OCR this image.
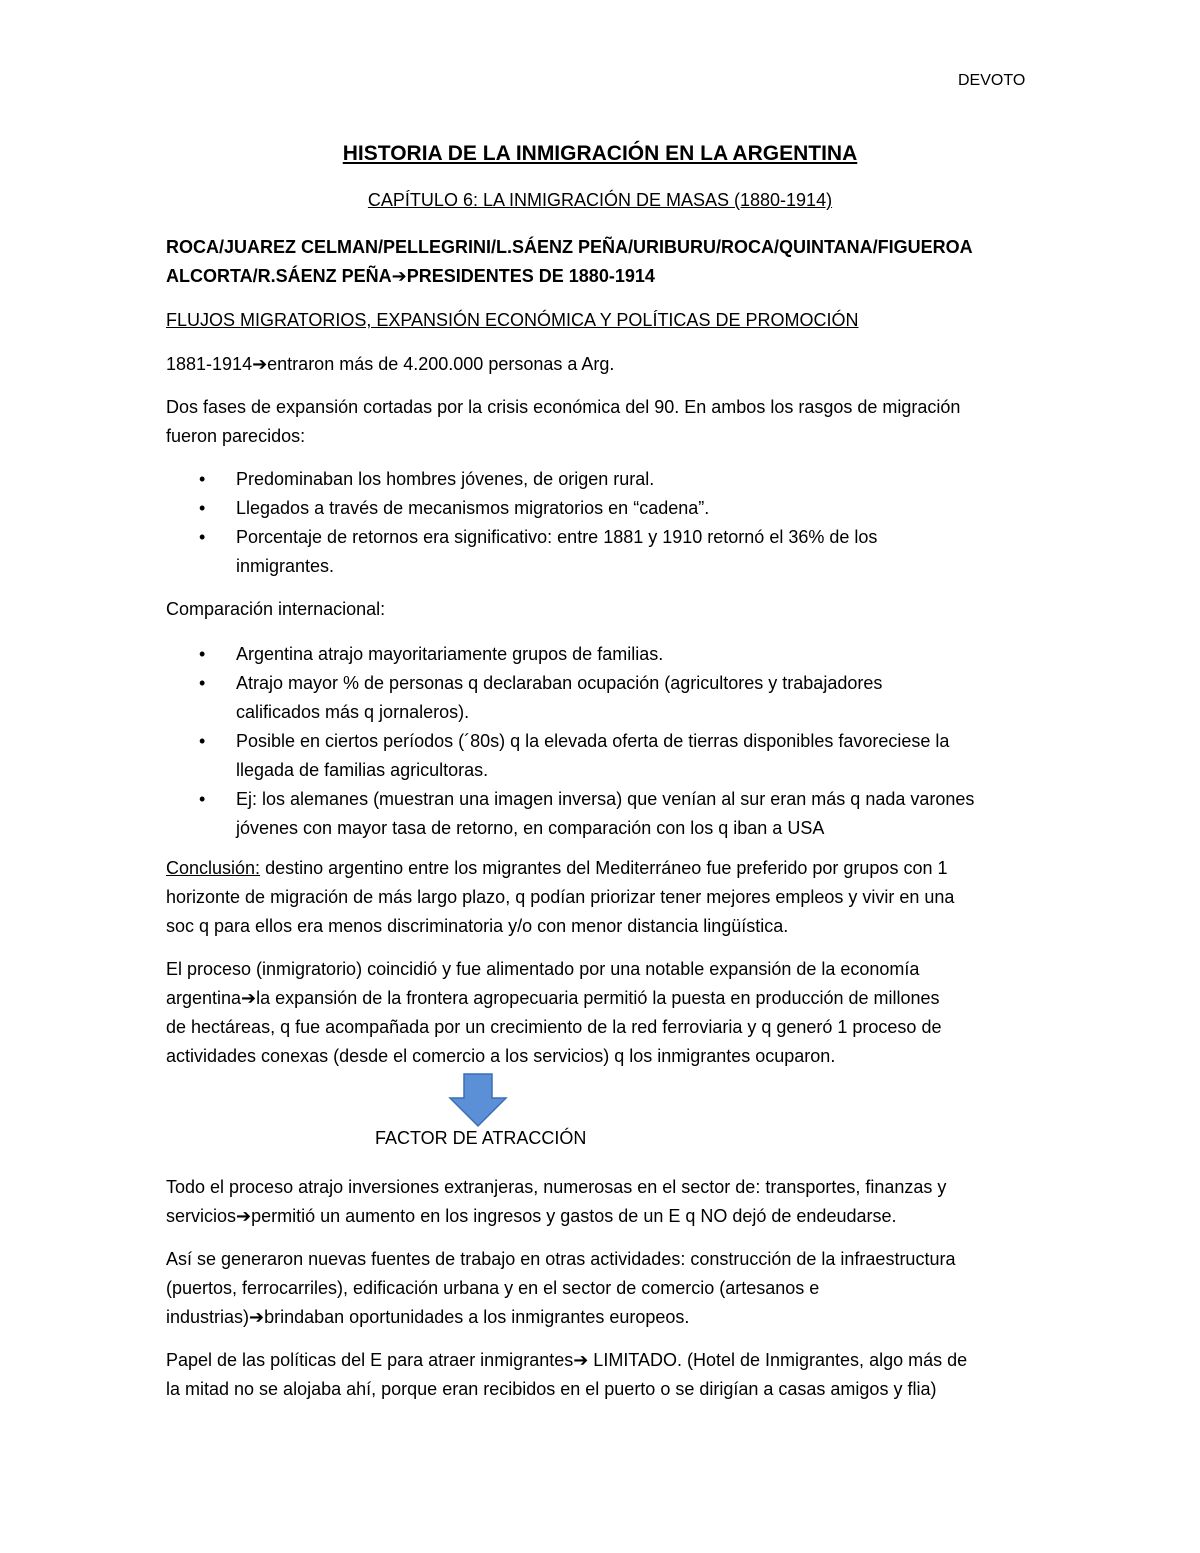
DEVOTO
HISTORIA DE LA INMIGRACIÓN EN LA ARGENTINA
CAPÍTULO 6: LA INMIGRACIÓN DE MASAS (1880-1914)
ROCA/JUAREZ CELMAN/PELLEGRINI/L.SÁENZ PEÑA/URIBURU/ROCA/QUINTANA/FIGUEROA
ALCORTA/R.SÁENZ PEÑA➔PRESIDENTES DE 1880-1914
FLUJOS MIGRATORIOS, EXPANSIÓN ECONÓMICA Y POLÍTICAS DE PROMOCIÓN
1881-1914➔entraron más de 4.200.000 personas a Arg.
Dos fases de expansión cortadas por la crisis económica del 90. En ambos los rasgos de migración
fueron parecidos:
• Predominaban los hombres jóvenes, de origen rural.
• Llegados a través de mecanismos migratorios en “cadena”.
• Porcentaje de retornos era significativo: entre 1881 y 1910 retornó el 36% de los
inmigrantes.
Comparación internacional:
• Argentina atrajo mayoritariamente grupos de familias.
• Atrajo mayor % de personas q declaraban ocupación (agricultores y trabajadores
calificados más q jornaleros).
• Posible en ciertos períodos (´80s) q la elevada oferta de tierras disponibles favoreciese la
llegada de familias agricultoras.
• Ej: los alemanes (muestran una imagen inversa) que venían al sur eran más q nada varones
jóvenes con mayor tasa de retorno, en comparación con los q iban a USA
Conclusión: destino argentino entre los migrantes del Mediterráneo fue preferido por grupos con 1
horizonte de migración de más largo plazo, q podían priorizar tener mejores empleos y vivir en una
soc q para ellos era menos discriminatoria y/o con menor distancia lingüística.
El proceso (inmigratorio) coincidió y fue alimentado por una notable expansión de la economía
argentina➔la expansión de la frontera agropecuaria permitió la puesta en producción de millones
de hectáreas, q fue acompañada por un crecimiento de la red ferroviaria y q generó 1 proceso de
actividades conexas (desde el comercio a los servicios) q los inmigrantes ocuparon.
FACTOR DE ATRACCIÓN
Todo el proceso atrajo inversiones extranjeras, numerosas en el sector de: transportes, finanzas y
servicios➔permitió un aumento en los ingresos y gastos de un E q NO dejó de endeudarse.
Así se generaron nuevas fuentes de trabajo en otras actividades: construcción de la infraestructura
(puertos, ferrocarriles), edificación urbana y en el sector de comercio (artesanos e
industrias)➔brindaban oportunidades a los inmigrantes europeos.
Papel de las políticas del E para atraer inmigrantes➔ LIMITADO. (Hotel de Inmigrantes, algo más de
la mitad no se alojaba ahí, porque eran recibidos en el puerto o se dirigían a casas amigos y flia)
